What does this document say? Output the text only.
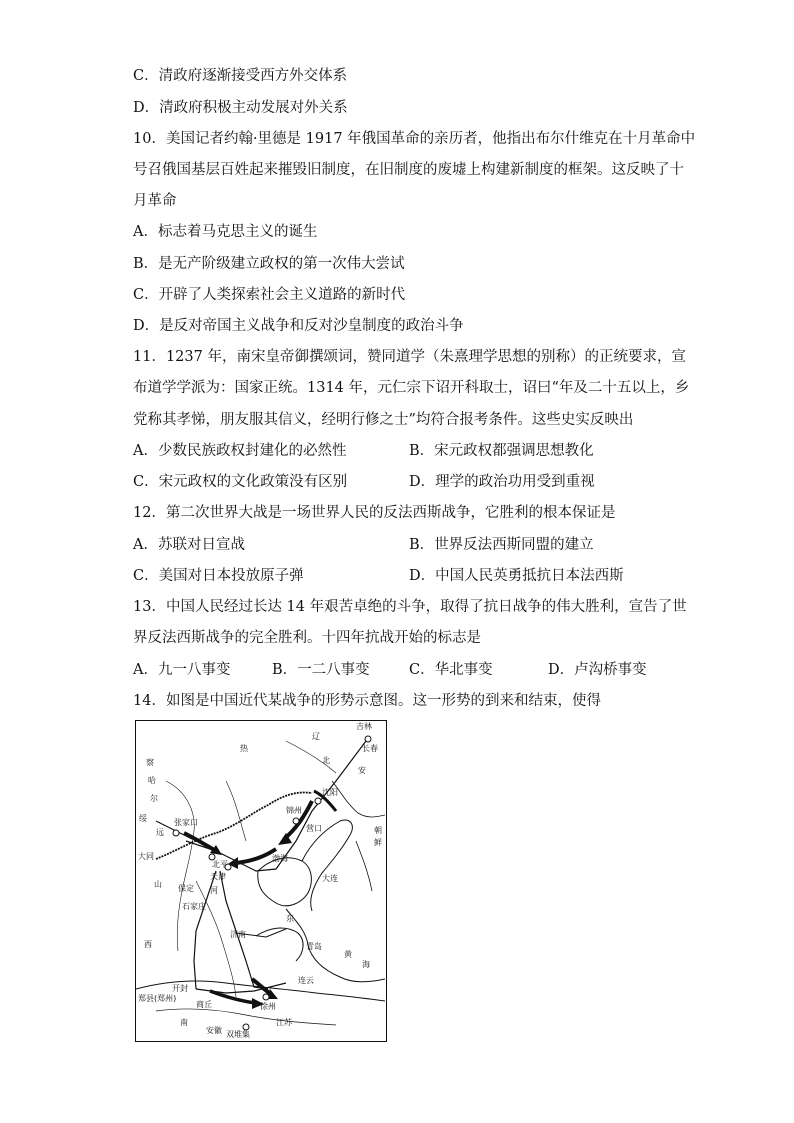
C．清政府逐渐接受西方外交体系
D．清政府积极主动发展对外关系
10．美国记者约翰·里德是 1917 年俄国革命的亲历者，他指出布尔什维克在十月革命中
号召俄国基层百姓起来摧毁旧制度，在旧制度的废墟上构建新制度的框架。这反映了十
月革命
A．标志着马克思主义的诞生
B．是无产阶级建立政权的第一次伟大尝试
C．开辟了人类探索社会主义道路的新时代
D．是反对帝国主义战争和反对沙皇制度的政治斗争
11．1237 年，南宋皇帝御撰颂词，赞同道学（朱熹理学思想的别称）的正统要求，宣
布道学学派为：国家正统。1314 年，元仁宗下诏开科取士，诏曰“年及二十五以上，乡
党称其孝悌，朋友服其信义，经明行修之士”均符合报考条件。这些史实反映出
A．少数民族政权封建化的必然性	B．宋元政权都强调思想教化
C．宋元政权的文化政策没有区别	D．理学的政治功用受到重视
12．第二次世界大战是一场世界人民的反法西斯战争，它胜利的根本保证是
A．苏联对日宣战	B．世界反法西斯同盟的建立
C．美国对日本投放原子弹	D．中国人民英勇抵抗日本法西斯
13．中国人民经过长达 14 年艰苦卓绝的斗争，取得了抗日战争的伟大胜利，宣告了世
界反法西斯战争的完全胜利。十四年抗战开始的标志是
A．九一八事变	B．一二八事变	C．华北事变	D．卢沟桥事变
14．如图是中国近代某战争的形势示意图。这一形势的到来和结束，使得
吉林
长春
辽
热
北
安
察
哈
尔
绥
远
张家口
锦州
沈阳
营口	朝
鲜
大同
北平
天津
渤海
大连
山 保定 河
石家庄
西
济南
东
青岛
黄
海
连云
郑县(郑州)
开封
商丘	徐州
南	江苏
双堆集
安徽
